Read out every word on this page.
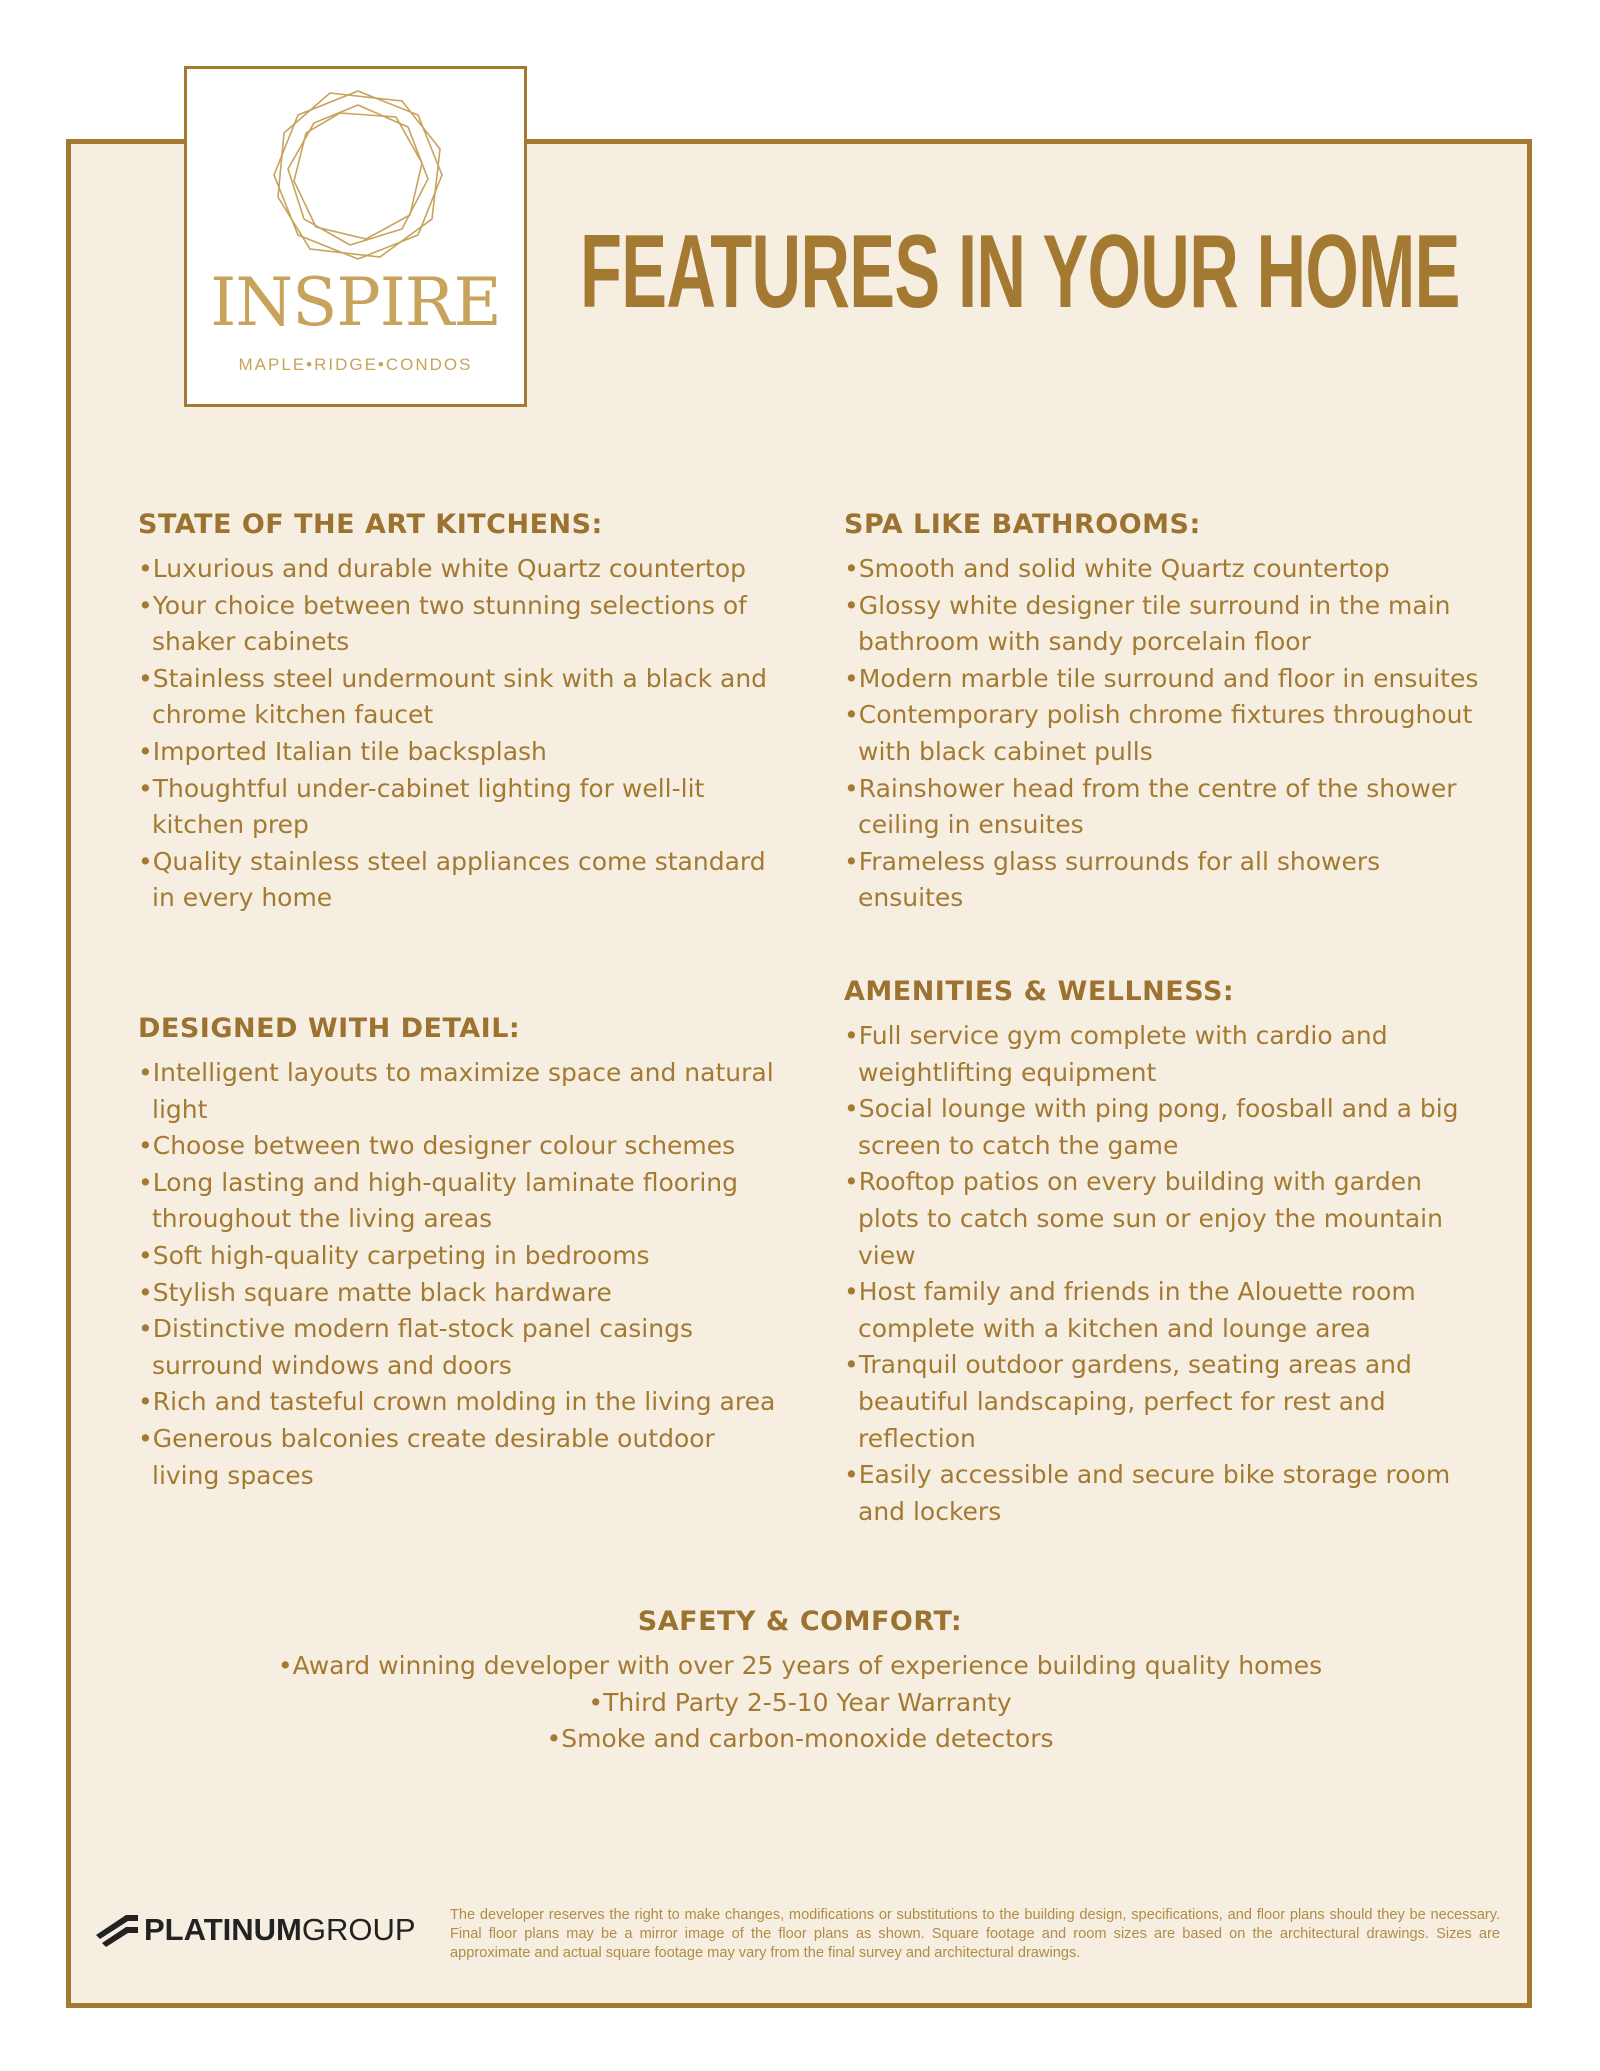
INSPIRE
MAPLE•RIDGE•CONDOS
FEATURES IN YOUR HOME
STATE OF THE ART KITCHENS:
• Luxurious and durable white Quartz countertop
• Your choice between two stunning selections of shaker cabinets
• Stainless steel undermount sink with a black and chrome kitchen faucet
• Imported Italian tile backsplash
• Thoughtful under-cabinet lighting for well-lit kitchen prep
• Quality stainless steel appliances come standard in every home
SPA LIKE BATHROOMS:
• Smooth and solid white Quartz countertop
• Glossy white designer tile surround in the main bathroom with sandy porcelain floor
• Modern marble tile surround and floor in ensuites
• Contemporary polish chrome fixtures throughout with black cabinet pulls
• Rainshower head from the centre of the shower ceiling in ensuites
• Frameless glass surrounds for all showers ensuites
DESIGNED WITH DETAIL:
• Intelligent layouts to maximize space and natural light
• Choose between two designer colour schemes
• Long lasting and high-quality laminate flooring throughout the living areas
• Soft high-quality carpeting in bedrooms
• Stylish square matte black hardware
• Distinctive modern flat-stock panel casings surround windows and doors
• Rich and tasteful crown molding in the living area
• Generous balconies create desirable outdoor living spaces
AMENITIES & WELLNESS:
• Full service gym complete with cardio and weightlifting equipment
• Social lounge with ping pong, foosball and a big screen to catch the game
• Rooftop patios on every building with garden plots to catch some sun or enjoy the mountain view
• Host family and friends in the Alouette room complete with a kitchen and lounge area
• Tranquil outdoor gardens, seating areas and beautiful landscaping, perfect for rest and reflection
• Easily accessible and secure bike storage room and lockers
SAFETY & COMFORT:
• Award winning developer with over 25 years of experience building quality homes
• Third Party 2-5-10 Year Warranty
• Smoke and carbon-monoxide detectors
PLATINUMGROUP The developer reserves the right to make changes, modifications or substitutions to the building design, specifications, and floor plans should they be necessary. Final floor plans may be a mirror image of the floor plans as shown. Square footage and room sizes are based on the architectural drawings. Sizes are approximate and actual square footage may vary from the final survey and architectural drawings.
